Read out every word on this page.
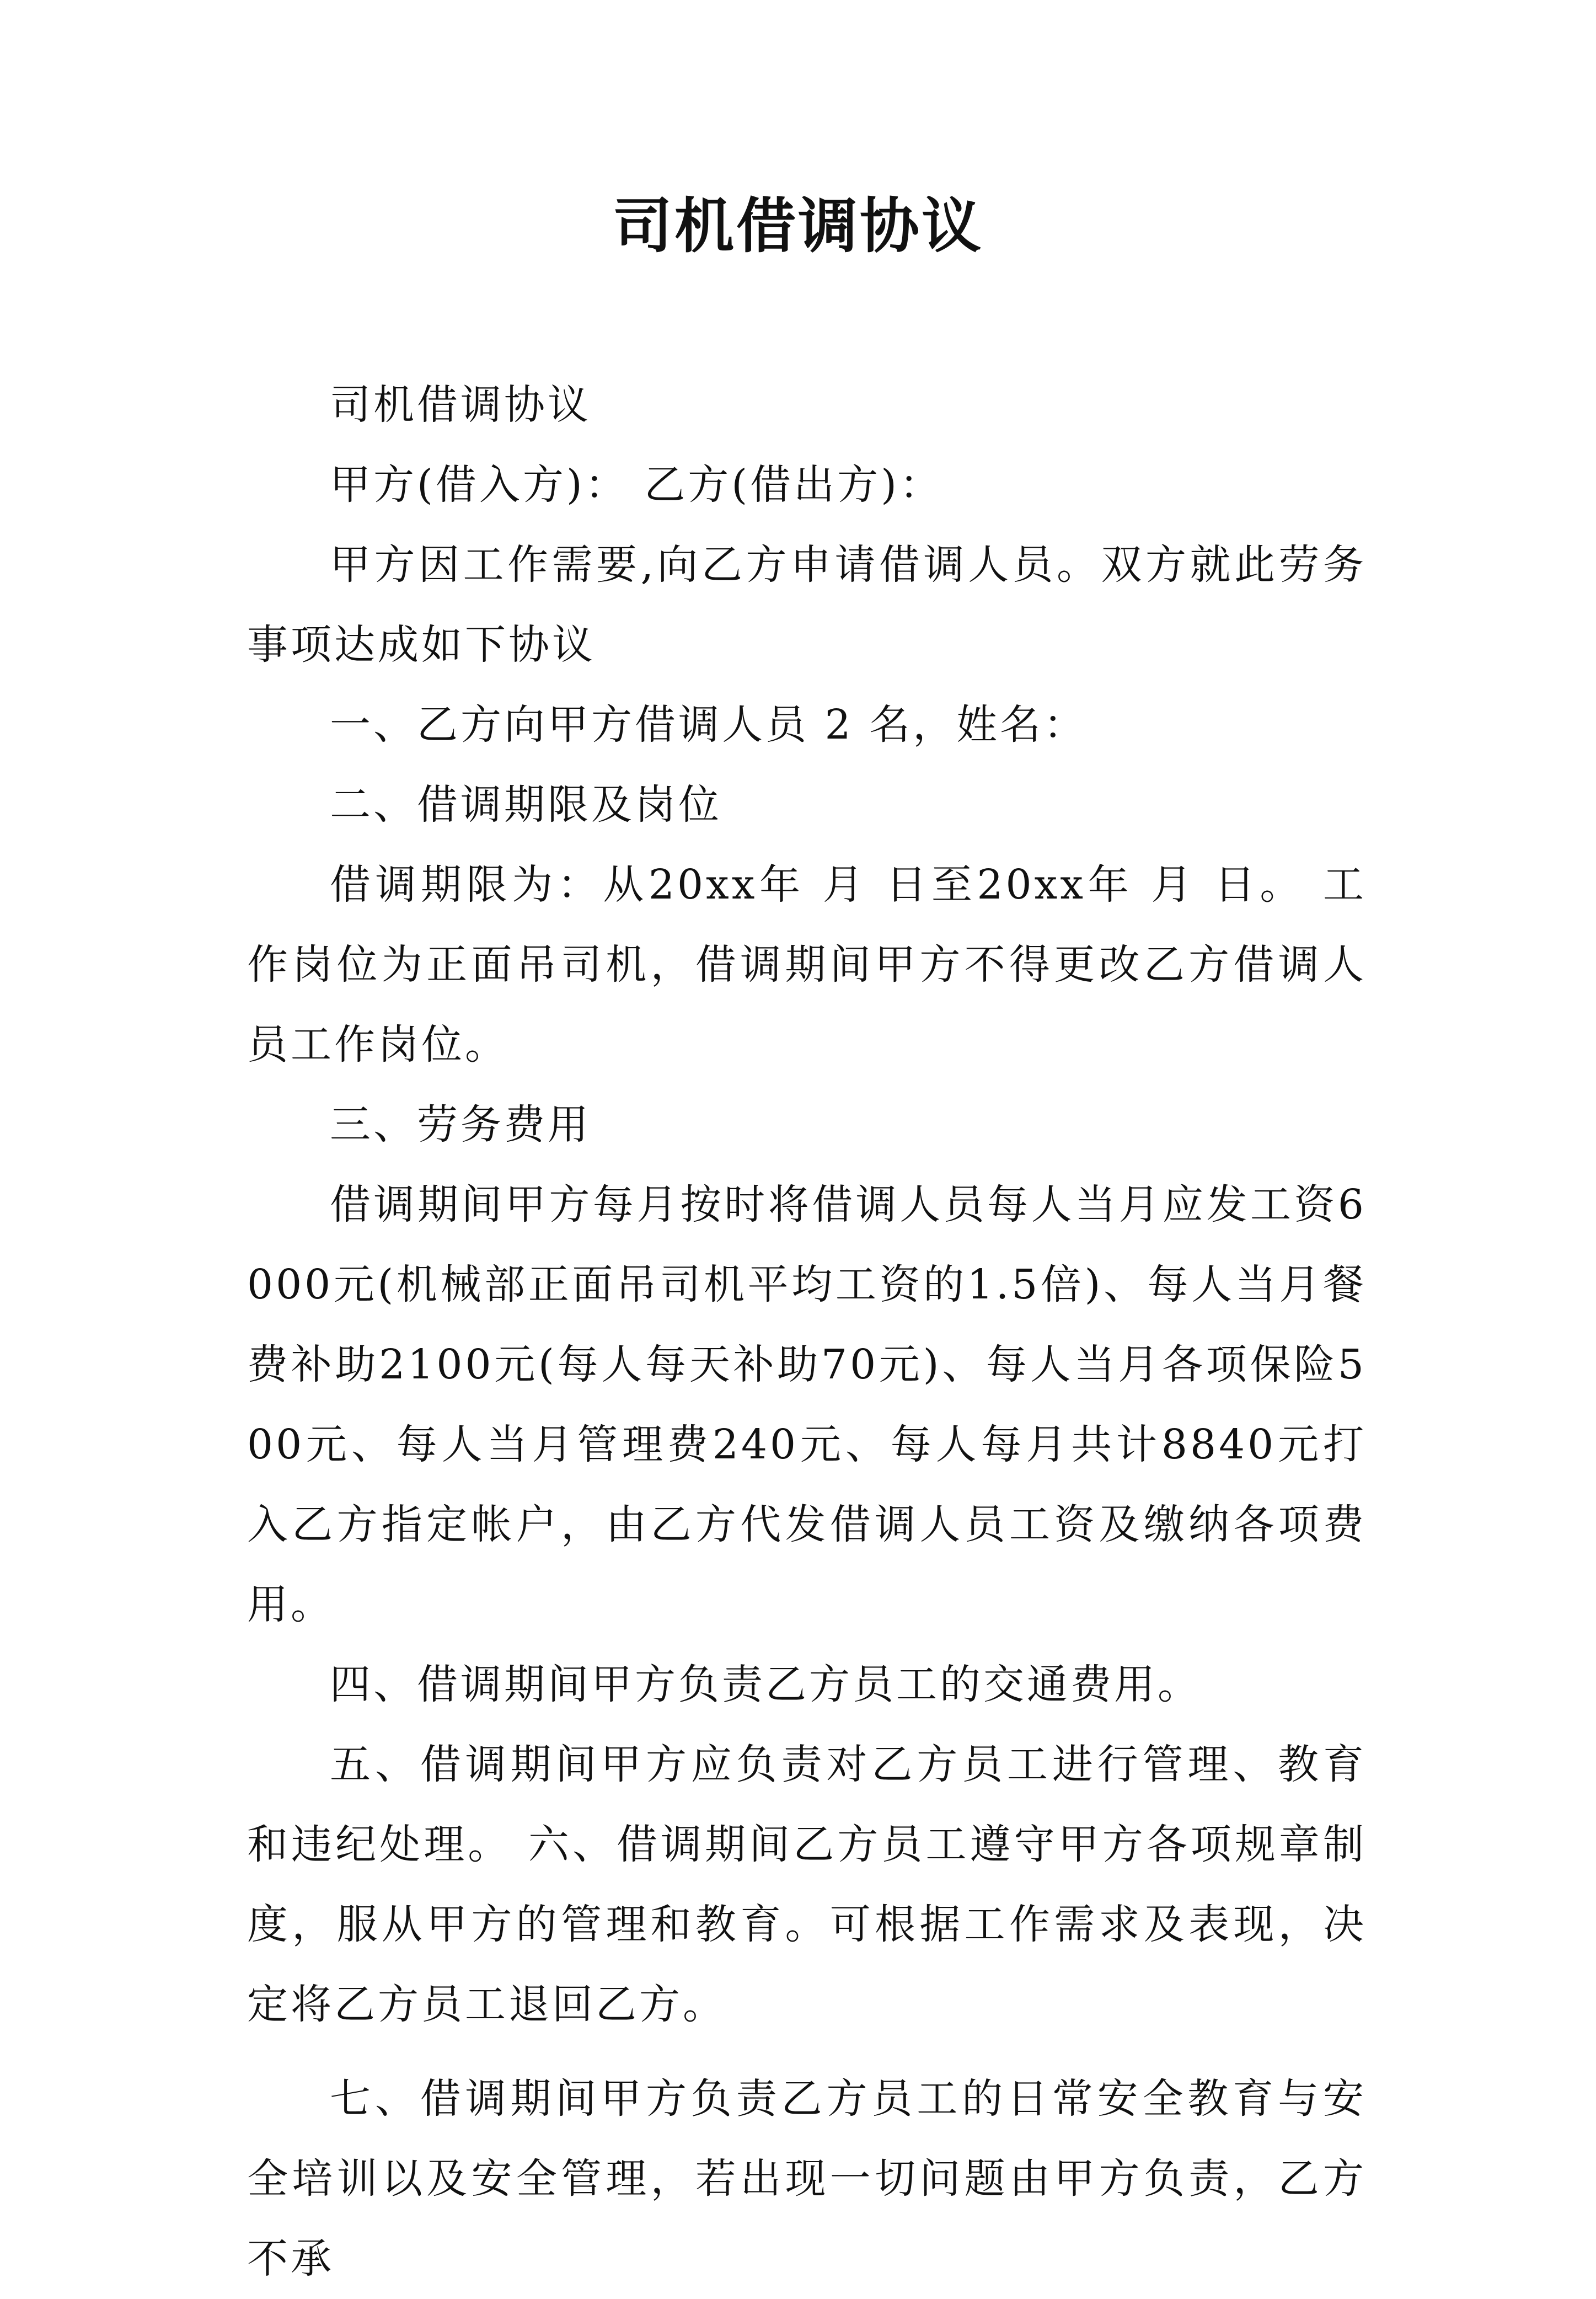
司机借调协议

司机借调协议

甲方(借入方)： 乙方(借出方)：

甲方因工作需要,向乙方申请借调人员。双方就此劳务事项达成如下协议

一、乙方向甲方借调人员 2 名，姓名：

二、借调期限及岗位

借调期限为：从20xx年 月 日至20xx年 月 日。 工作岗位为正面吊司机，借调期间甲方不得更改乙方借调人员工作岗位。

三、劳务费用

借调期间甲方每月按时将借调人员每人当月应发工资6000元(机械部正面吊司机平均工资的1.5倍)、每人当月餐费补助2100元(每人每天补助70元)、每人当月各项保险500元、每人当月管理费240元、每人每月共计8840元打入乙方指定帐户，由乙方代发借调人员工资及缴纳各项费用。

四、借调期间甲方负责乙方员工的交通费用。

五、借调期间甲方应负责对乙方员工进行管理、教育和违纪处理。 六、借调期间乙方员工遵守甲方各项规章制度，服从甲方的管理和教育。可根据工作需求及表现，决定将乙方员工退回乙方。

七、借调期间甲方负责乙方员工的日常安全教育与安全培训以及安全管理，若出现一切问题由甲方负责，乙方不承
